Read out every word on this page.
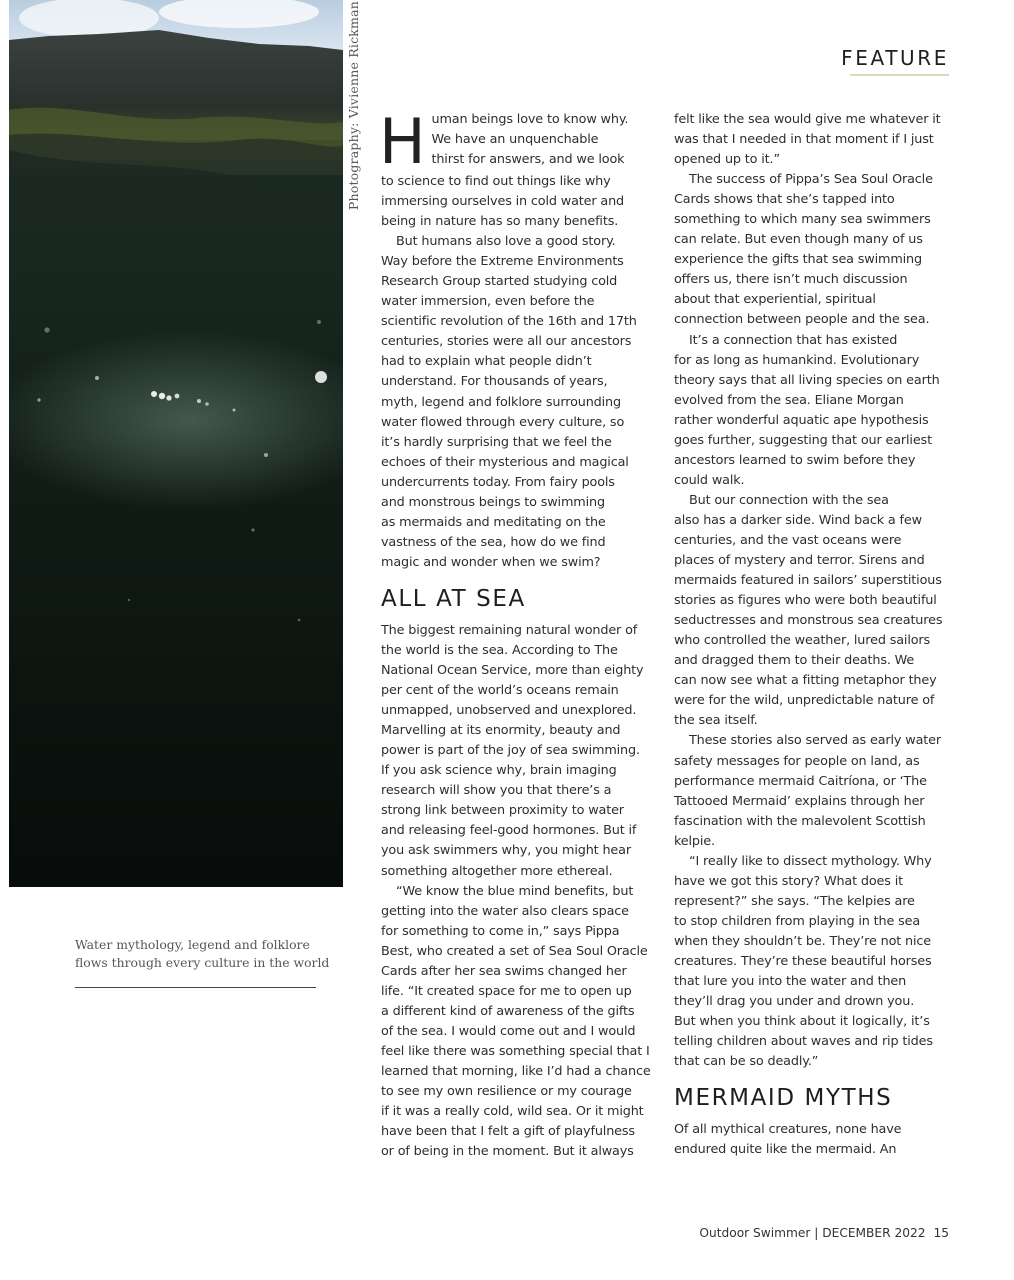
Photography: Vivienne Rickman	FEATURE
Water mythology, legend and folklore
flows through every culture in the world

H uman beings love to know why.
We have an unquenchable
thirst for answers, and we look
to science to find out things like why
immersing ourselves in cold water and
being in nature has so many benefits.

But humans also love a good story.
Way before the Extreme Environments
Research Group started studying cold
water immersion, even before the
scientific revolution of the 16th and 17th
centuries, stories were all our ancestors
had to explain what people didn’t
understand. For thousands of years,
myth, legend and folklore surrounding
water flowed through every culture, so
it’s hardly surprising that we feel the
echoes of their mysterious and magical
undercurrents today. From fairy pools
and monstrous beings to swimming
as mermaids and meditating on the
vastness of the sea, how do we find
magic and wonder when we swim?

ALL AT SEA

The biggest remaining natural wonder of
the world is the sea. According to The
National Ocean Service, more than eighty
per cent of the world’s oceans remain
unmapped, unobserved and unexplored.
Marvelling at its enormity, beauty and
power is part of the joy of sea swimming.
If you ask science why, brain imaging
research will show you that there’s a
strong link between proximity to water
and releasing feel-good hormones. But if
you ask swimmers why, you might hear
something altogether more ethereal.

“We know the blue mind benefits, but
getting into the water also clears space
for something to come in,” says Pippa
Best, who created a set of Sea Soul Oracle
Cards after her sea swims changed her
life. “It created space for me to open up
a different kind of awareness of the gifts
of the sea. I would come out and I would
feel like there was something special that I
learned that morning, like I’d had a chance
to see my own resilience or my courage
if it was a really cold, wild sea. Or it might
have been that I felt a gift of playfulness
or of being in the moment. But it always

felt like the sea would give me whatever it
was that I needed in that moment if I just
opened up to it.”

The success of Pippa’s Sea Soul Oracle
Cards shows that she’s tapped into
something to which many sea swimmers
can relate. But even though many of us
experience the gifts that sea swimming
offers us, there isn’t much discussion
about that experiential, spiritual
connection between people and the sea.

It’s a connection that has existed
for as long as humankind. Evolutionary
theory says that all living species on earth
evolved from the sea. Eliane Morgan
rather wonderful aquatic ape hypothesis
goes further, suggesting that our earliest
ancestors learned to swim before they
could walk.

But our connection with the sea
also has a darker side. Wind back a few
centuries, and the vast oceans were
places of mystery and terror. Sirens and
mermaids featured in sailors’ superstitious
stories as figures who were both beautiful
seductresses and monstrous sea creatures
who controlled the weather, lured sailors
and dragged them to their deaths. We
can now see what a fitting metaphor they
were for the wild, unpredictable nature of
the sea itself.

These stories also served as early water
safety messages for people on land, as
performance mermaid Caitríona, or ‘The
Tattooed Mermaid’ explains through her
fascination with the malevolent Scottish
kelpie.

“I really like to dissect mythology. Why
have we got this story? What does it
represent?” she says. “The kelpies are
to stop children from playing in the sea
when they shouldn’t be. They’re not nice
creatures. They’re these beautiful horses
that lure you into the water and then
they’ll drag you under and drown you.
But when you think about it logically, it’s
telling children about waves and rip tides
that can be so deadly.”

MERMAID MYTHS

Of all mythical creatures, none have
endured quite like the mermaid. An

Outdoor Swimmer | DECEMBER 2022 15
